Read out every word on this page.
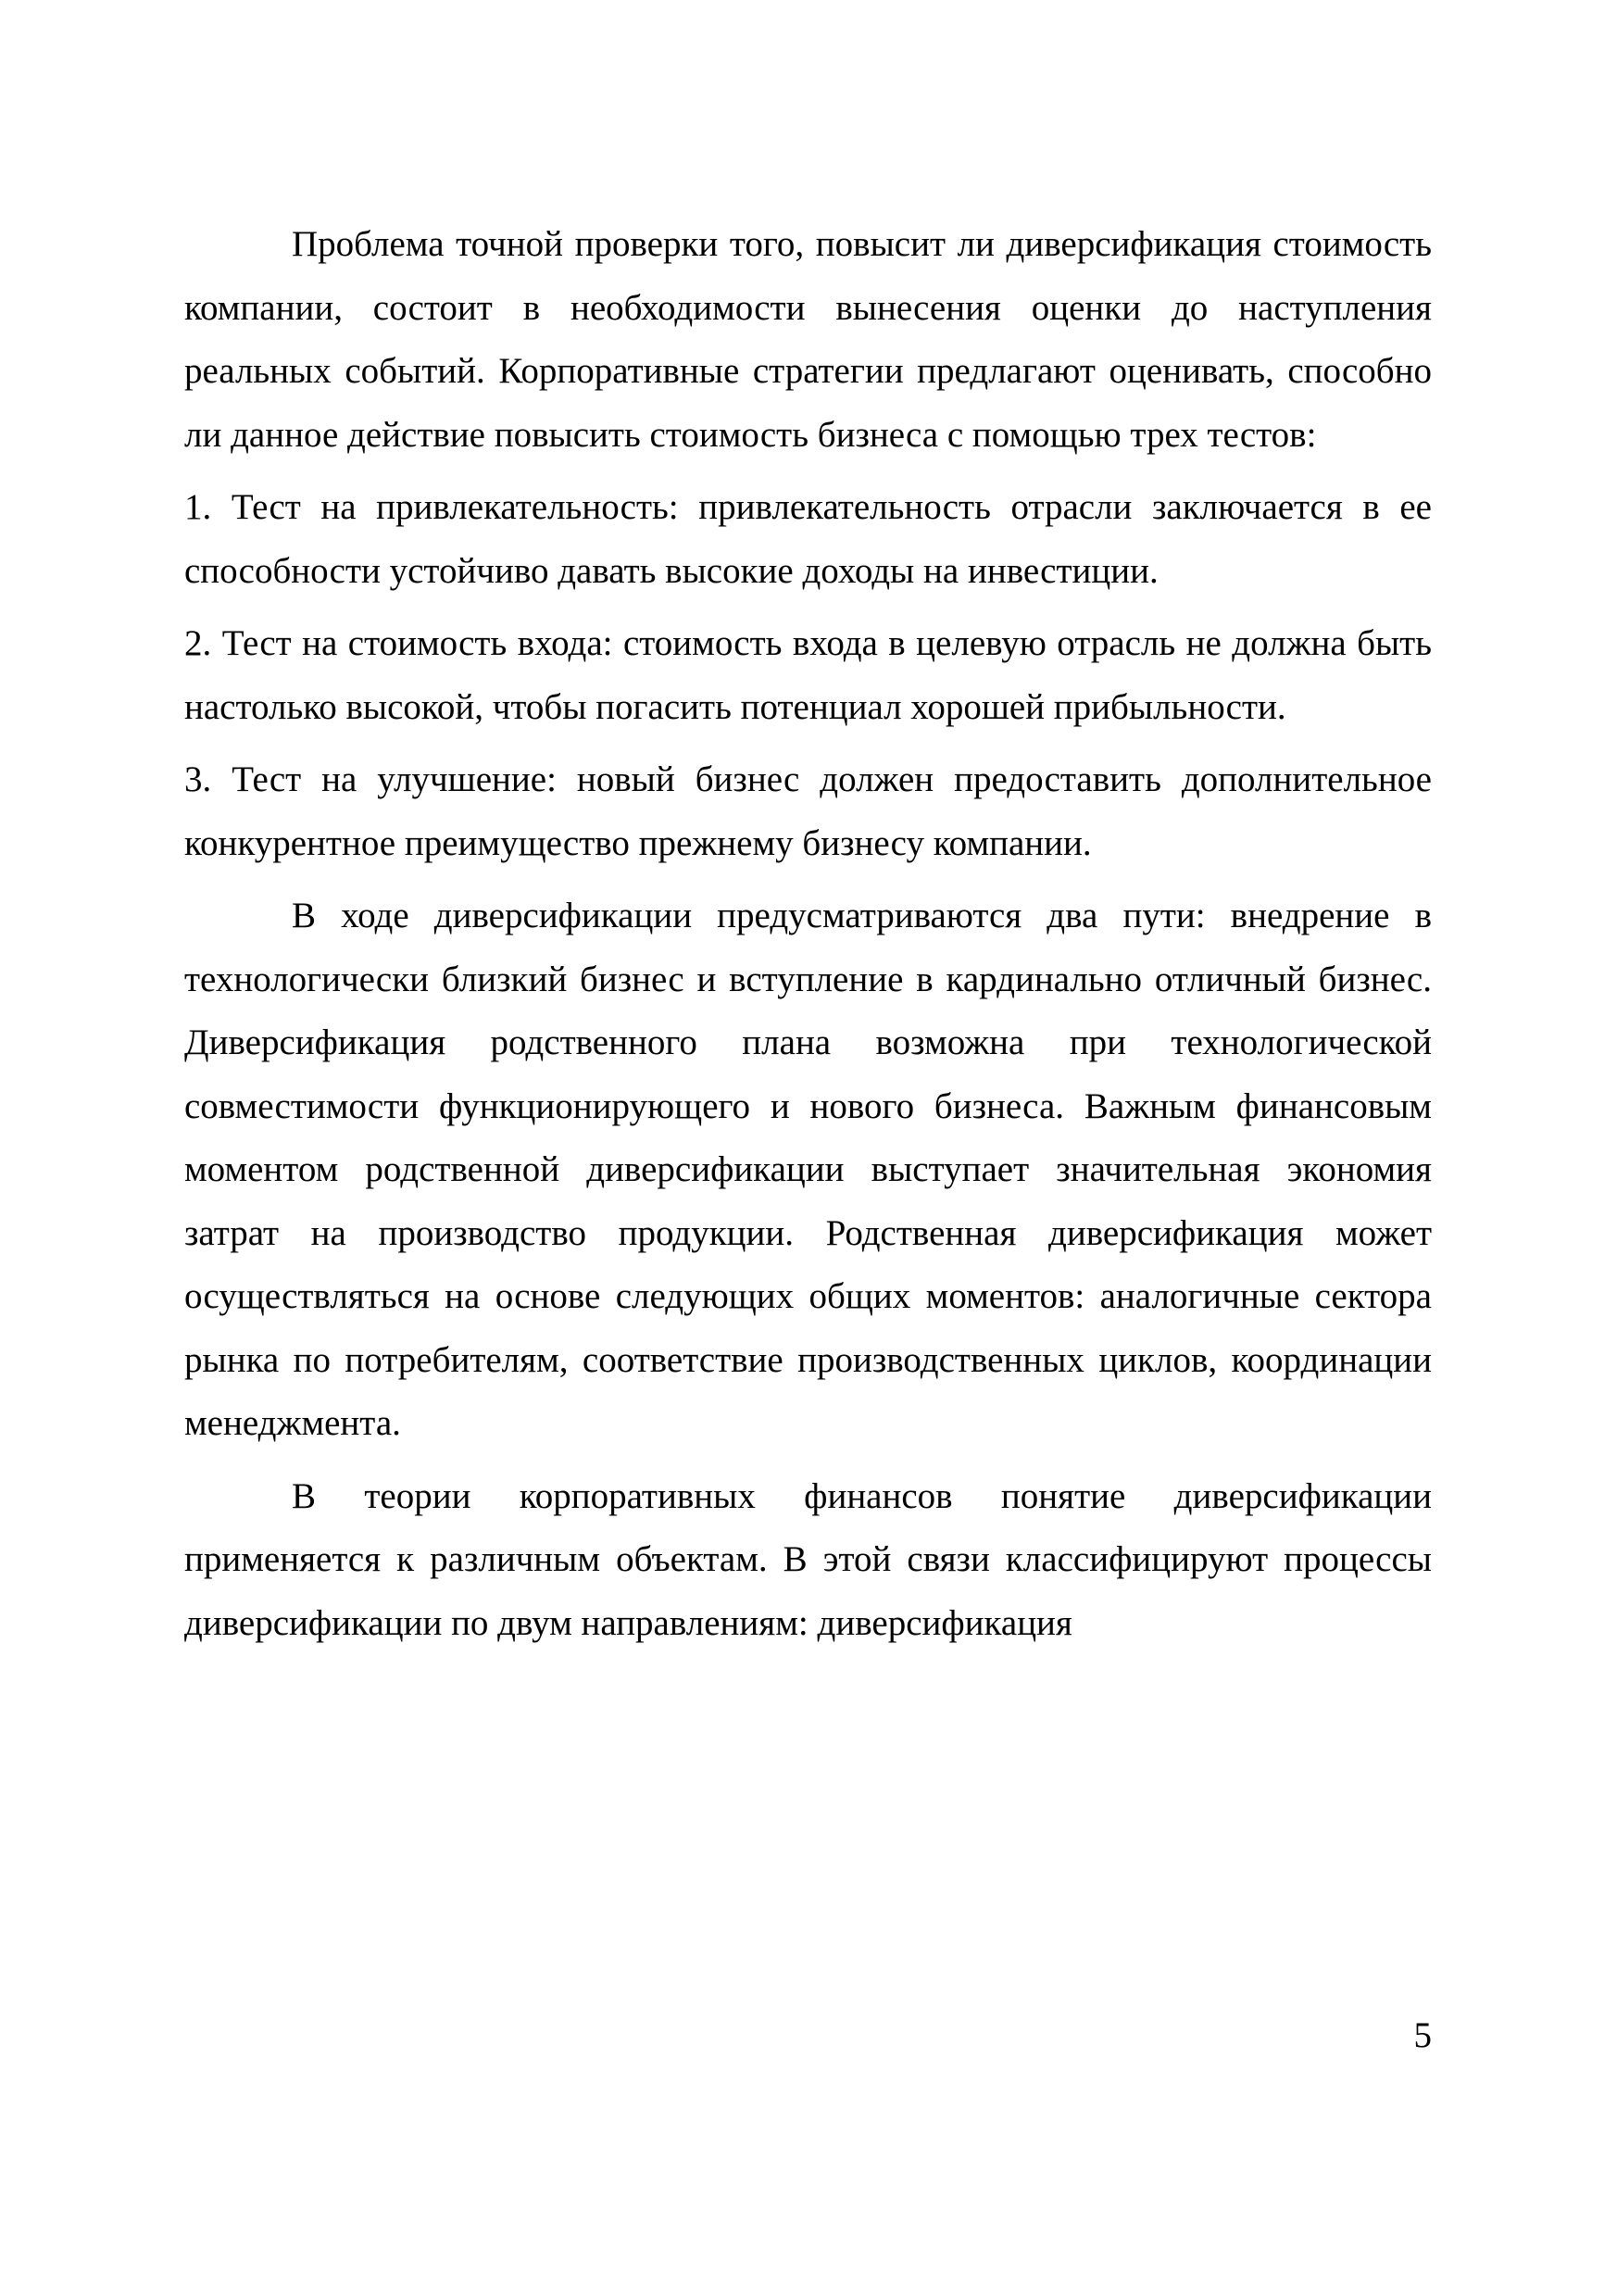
Проблема точной проверки того, повысит ли диверсификация стоимость компании, состоит в необходимости вынесения оценки до наступления реальных событий. Корпоративные стратегии предлагают оценивать, способно ли данное действие повысить стоимость бизнеса с помощью трех тестов:

1. Тест на привлекательность: привлекательность отрасли заключается в ее способности устойчиво давать высокие доходы на инвестиции.

2. Тест на стоимость входа: стоимость входа в целевую отрасль не должна быть настолько высокой, чтобы погасить потенциал хорошей прибыльности.

3. Тест на улучшение: новый бизнес должен предоставить дополнительное конкурентное преимущество прежнему бизнесу компании.

В ходе диверсификации предусматриваются два пути: внедрение в технологически близкий бизнес и вступление в кардинально отличный бизнес. Диверсификация родственного плана возможна при технологической совместимости функционирующего и нового бизнеса. Важным финансовым моментом родственной диверсификации выступает значительная экономия затрат на производство продукции. Родственная диверсификация может осуществляться на основе следующих общих моментов: аналогичные сектора рынка по потребителям, соответствие производственных циклов, координации менеджмента.

В теории корпоративных финансов понятие диверсификации применяется к различным объектам. В этой связи классифицируют процессы диверсификации по двум направлениям: диверсификация

5
